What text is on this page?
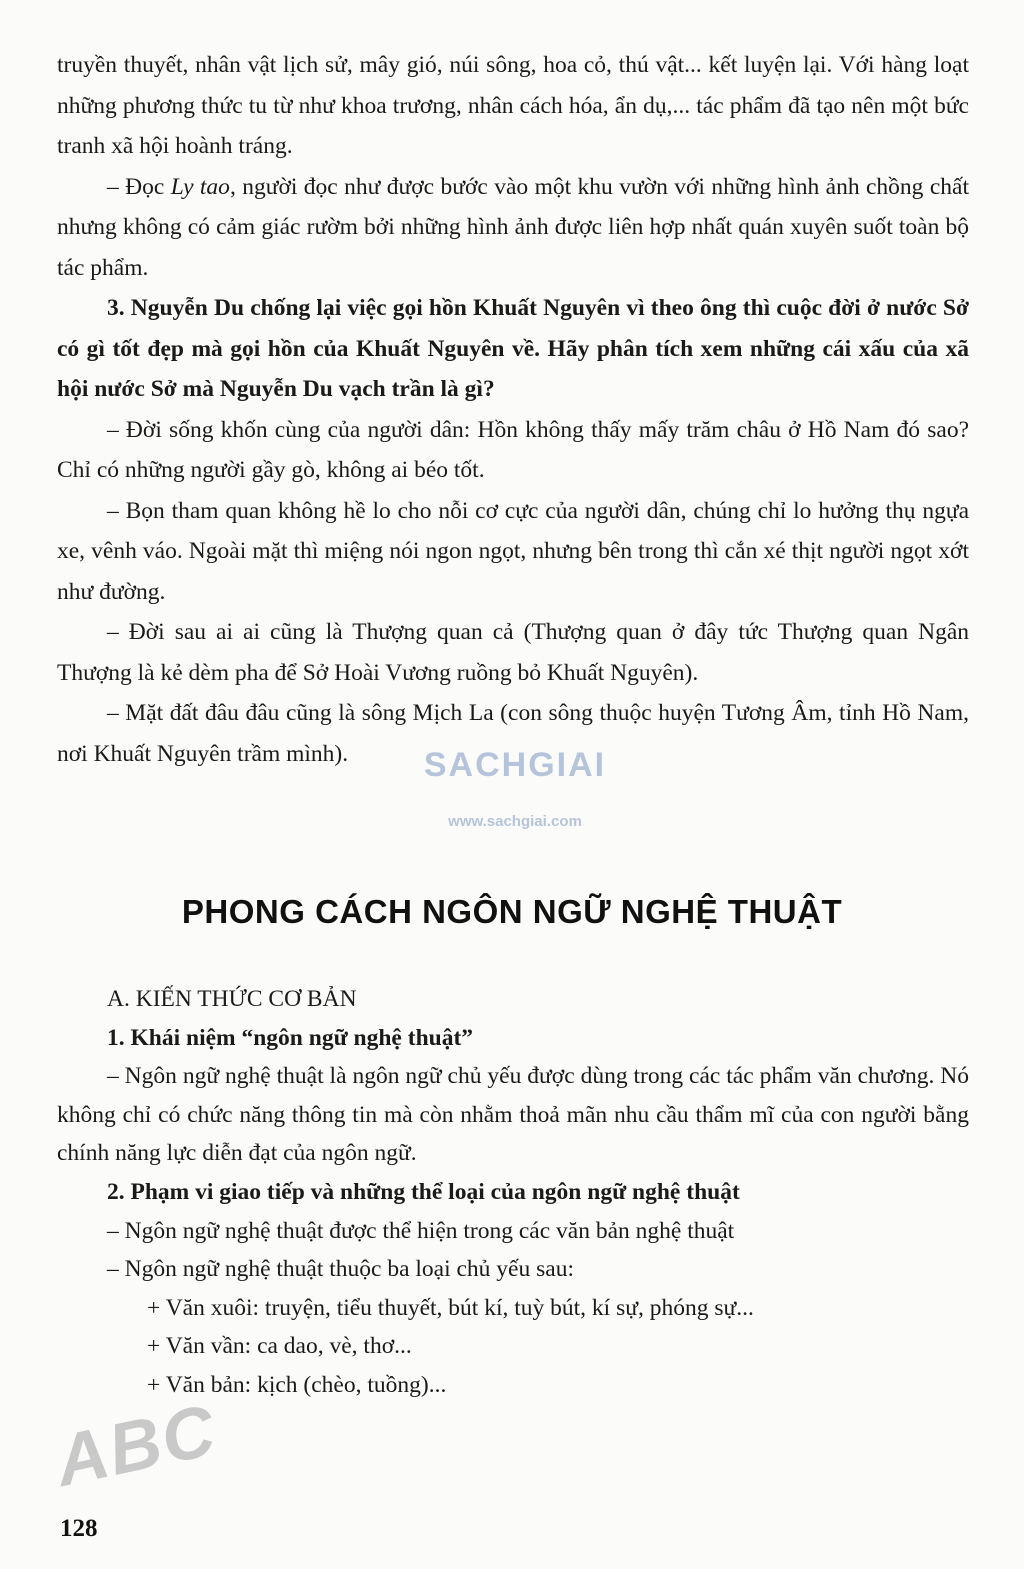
truyền thuyết, nhân vật lịch sử, mây gió, núi sông, hoa cỏ, thú vật... kết luyện lại. Với hàng loạt những phương thức tu từ như khoa trương, nhân cách hóa, ẩn dụ,... tác phẩm đã tạo nên một bức tranh xã hội hoành tráng.

– Đọc Ly tao, người đọc như được bước vào một khu vườn với những hình ảnh chồng chất nhưng không có cảm giác rườm bởi những hình ảnh được liên hợp nhất quán xuyên suốt toàn bộ tác phẩm.

3. Nguyễn Du chống lại việc gọi hồn Khuất Nguyên vì theo ông thì cuộc đời ở nước Sở có gì tốt đẹp mà gọi hồn của Khuất Nguyên về. Hãy phân tích xem những cái xấu của xã hội nước Sở mà Nguyễn Du vạch trần là gì?

– Đời sống khốn cùng của người dân: Hồn không thấy mấy trăm châu ở Hồ Nam đó sao? Chỉ có những người gầy gò, không ai béo tốt.

– Bọn tham quan không hề lo cho nỗi cơ cực của người dân, chúng chỉ lo hưởng thụ ngựa xe, vênh váo. Ngoài mặt thì miệng nói ngon ngọt, nhưng bên trong thì cắn xé thịt người ngọt xớt như đường.

– Đời sau ai ai cũng là Thượng quan cả (Thượng quan ở đây tức Thượng quan Ngân Thượng là kẻ dèm pha để Sở Hoài Vương ruồng bỏ Khuất Nguyên).

– Mặt đất đâu đâu cũng là sông Mịch La (con sông thuộc huyện Tương Âm, tỉnh Hồ Nam, nơi Khuất Nguyên trầm mình).	SACHGIAI
www.sachgiai.com
PHONG CÁCH NGÔN NGỮ NGHỆ THUẬT

A. KIẾN THỨC CƠ BẢN

1. Khái niệm “ngôn ngữ nghệ thuật”

– Ngôn ngữ nghệ thuật là ngôn ngữ chủ yếu được dùng trong các tác phẩm văn chương. Nó không chỉ có chức năng thông tin mà còn nhằm thoả mãn nhu cầu thẩm mĩ của con người bằng chính năng lực diễn đạt của ngôn ngữ.

2. Phạm vi giao tiếp và những thể loại của ngôn ngữ nghệ thuật

– Ngôn ngữ nghệ thuật được thể hiện trong các văn bản nghệ thuật

– Ngôn ngữ nghệ thuật thuộc ba loại chủ yếu sau:

+ Văn xuôi: truyện, tiểu thuyết, bút kí, tuỳ bút, kí sự, phóng sự...

+ Văn vần: ca dao, vè, thơ...

+ Văn bản: kịch (chèo, tuồng)...

ABC
128
